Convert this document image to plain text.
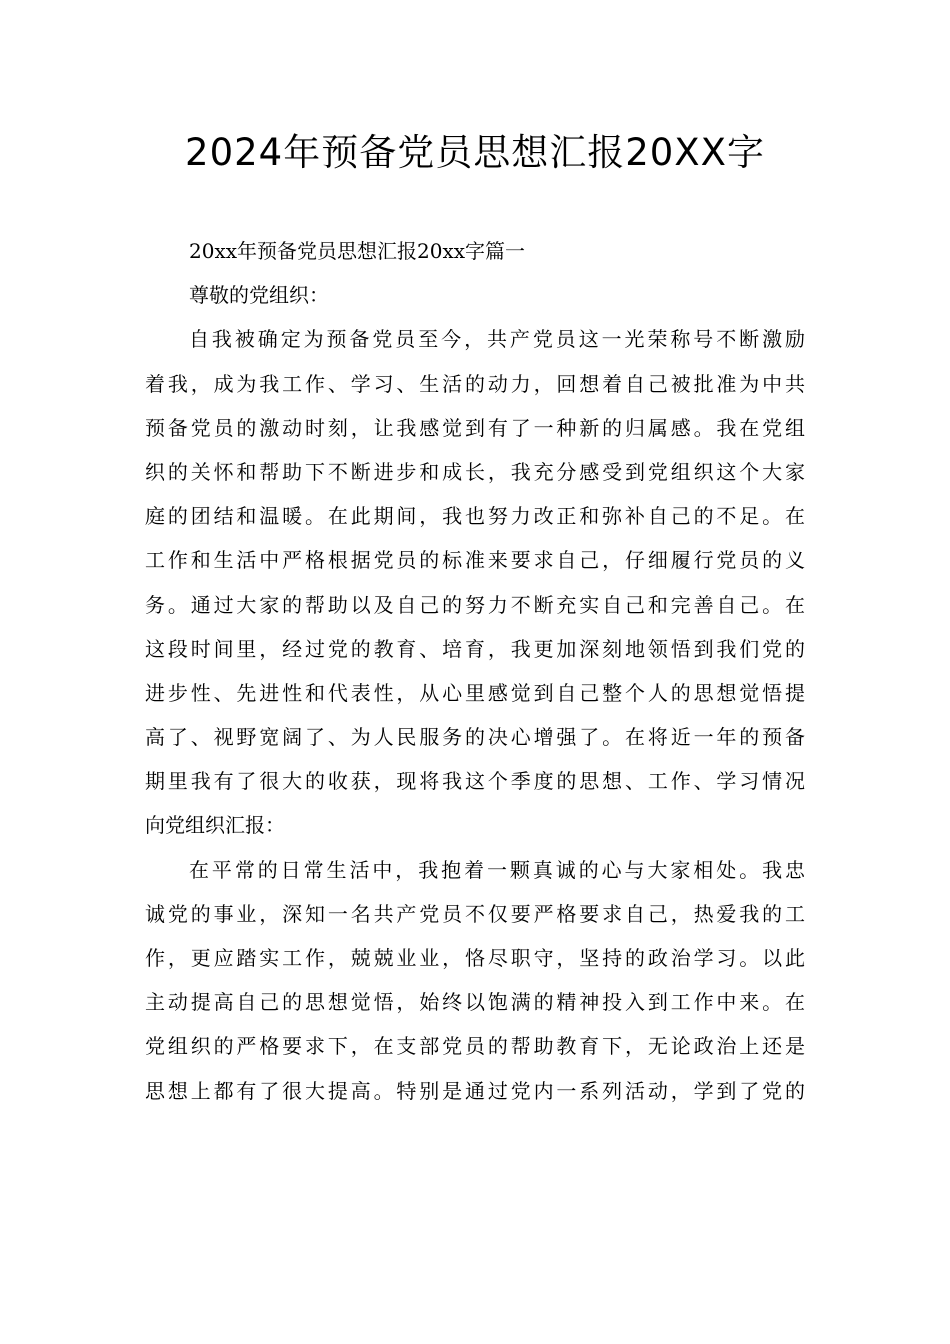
2024年预备党员思想汇报20XX字
20xx年预备党员思想汇报20xx字篇一
尊敬的党组织：
自我被确定为预备党员至今，共产党员这一光荣称号不断激励
着我，成为我工作、学习、生活的动力，回想着自己被批准为中共
预备党员的激动时刻，让我感觉到有了一种新的归属感。我在党组
织的关怀和帮助下不断进步和成长，我充分感受到党组织这个大家
庭的团结和温暖。在此期间，我也努力改正和弥补自己的不足。在
工作和生活中严格根据党员的标准来要求自己，仔细履行党员的义
务。通过大家的帮助以及自己的努力不断充实自己和完善自己。在
这段时间里，经过党的教育、培育，我更加深刻地领悟到我们党的
进步性、先进性和代表性，从心里感觉到自己整个人的思想觉悟提
高了、视野宽阔了、为人民服务的决心增强了。在将近一年的预备
期里我有了很大的收获，现将我这个季度的思想、工作、学习情况
向党组织汇报：
在平常的日常生活中，我抱着一颗真诚的心与大家相处。我忠
诚党的事业，深知一名共产党员不仅要严格要求自己，热爱我的工
作，更应踏实工作，兢兢业业，恪尽职守，坚持的政治学习。以此
主动提高自己的思想觉悟，始终以饱满的精神投入到工作中来。在
党组织的严格要求下，在支部党员的帮助教育下，无论政治上还是
思想上都有了很大提高。特别是通过党内一系列活动，学到了党的
